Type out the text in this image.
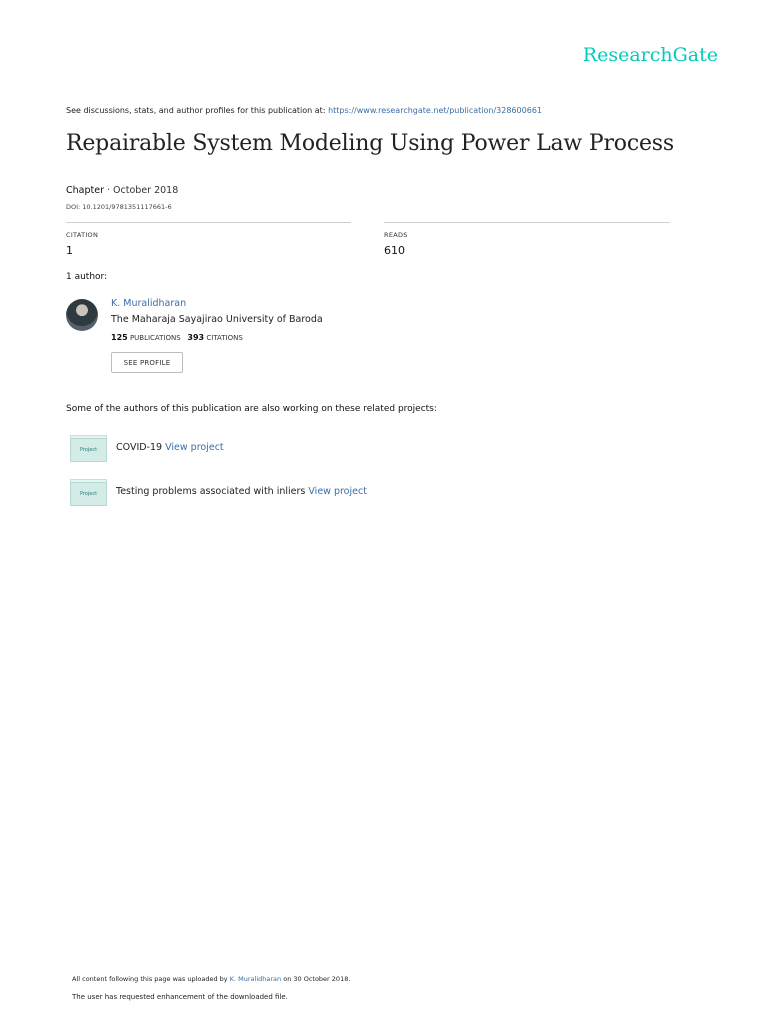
ResearchGate
See discussions, stats, and author profiles for this publication at: https://www.researchgate.net/publication/328600661
Repairable System Modeling Using Power Law Process
Chapter · October 2018
DOI: 10.1201/9781351117661-6
CITATION
1
READS
610
1 author:
K. Muralidharan
The Maharaja Sayajirao University of Baroda
125 PUBLICATIONS 393 CITATIONS
SEE PROFILE
Some of the authors of this publication are also working on these related projects:
Project	COVID-19 View project
Project	Testing problems associated with inliers View project
All content following this page was uploaded by K. Muralidharan on 30 October 2018.
The user has requested enhancement of the downloaded file.
